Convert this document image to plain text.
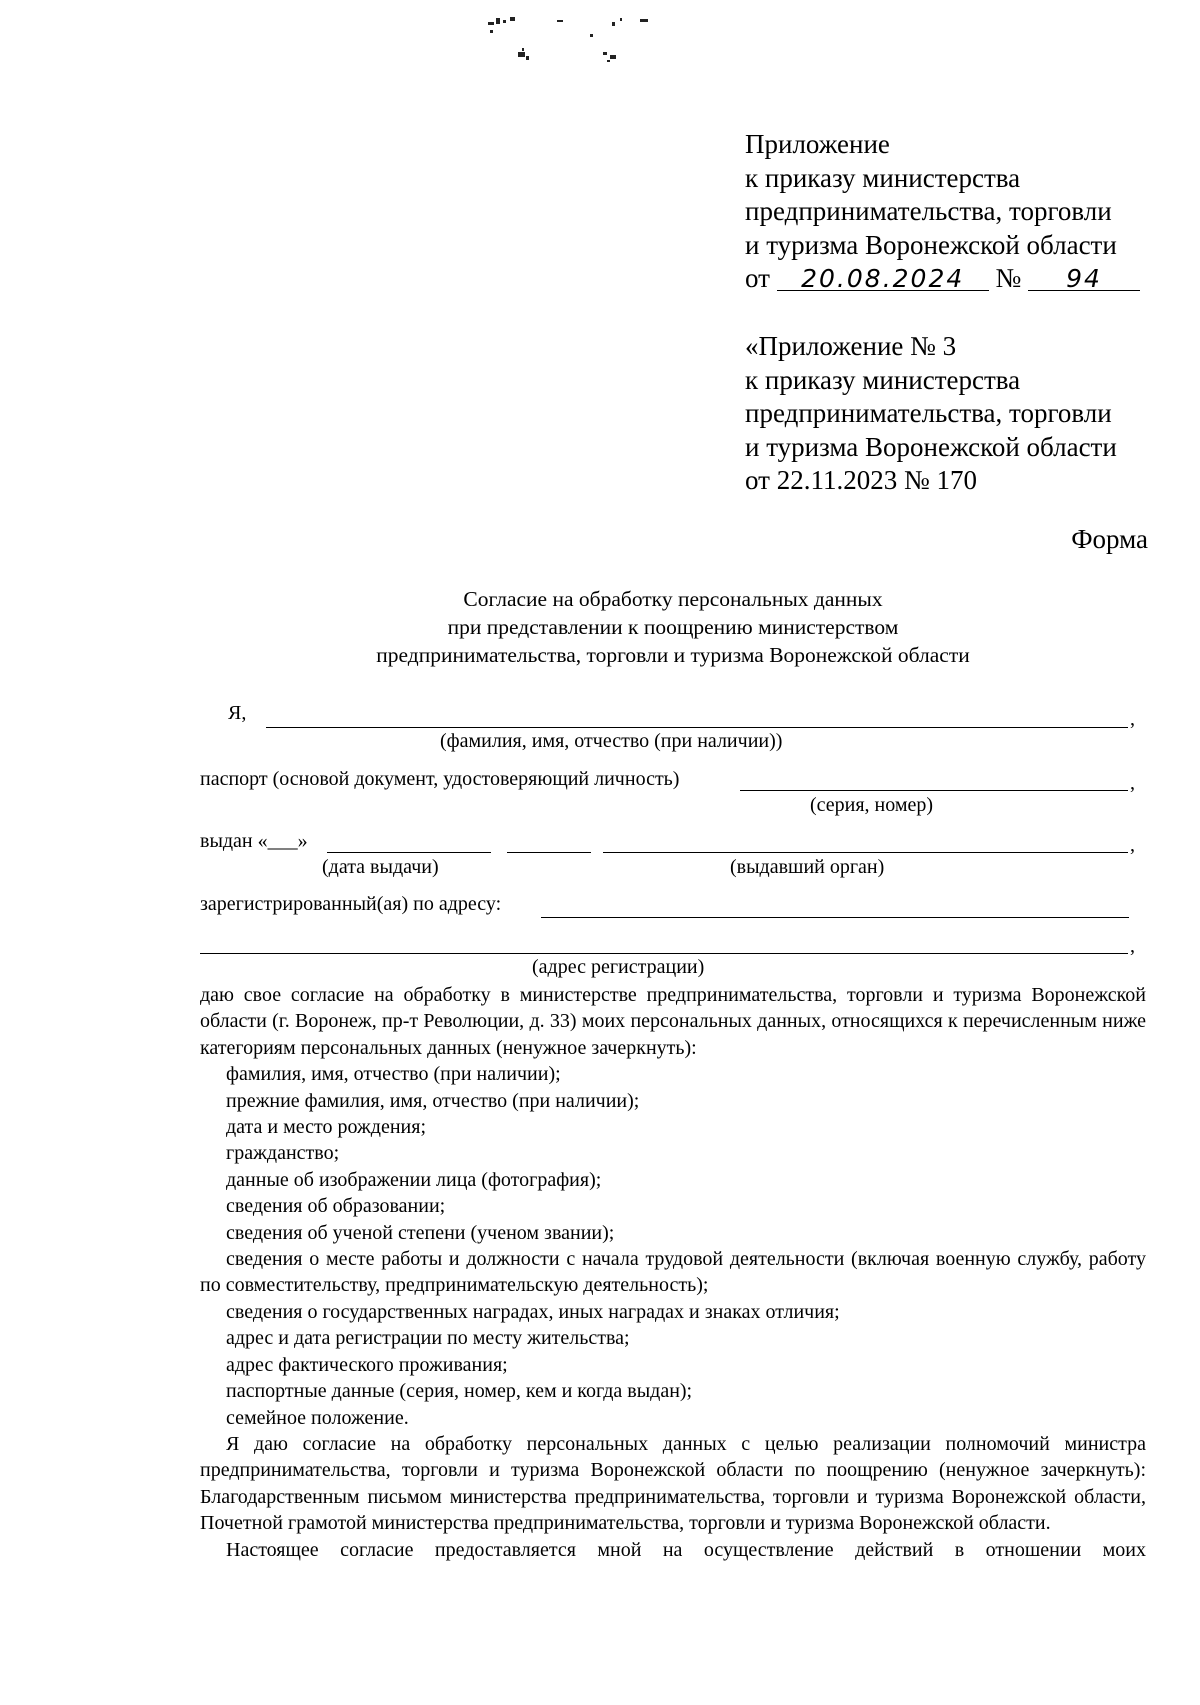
Приложение
к приказу министерства
предпринимательства, торговли
и туризма Воронежской области
от 20.08.2024 № 94
«Приложение № 3
к приказу министерства
предпринимательства, торговли
и туризма Воронежской области
от 22.11.2023 № 170
Форма
Согласие на обработку персональных данных
при представлении к поощрению министерством
предпринимательства, торговли и туризма Воронежской области
Я,	,
(фамилия, имя, отчество (при наличии))
паспорт (основой документ, удостоверяющий личность)	,
(серия, номер)
выдан «___»	,
(дата выдачи)	(выдавший орган)
зарегистрированный(ая) по адресу:
,
(адрес регистрации)

даю свое согласие на обработку в министерстве предпринимательства, торговли и туризма Воронежской области (г. Воронеж, пр-т Революции, д. 33) моих персональных данных, относящихся к перечисленным ниже категориям персональных данных (ненужное зачеркнуть):

фамилия, имя, отчество (при наличии);

прежние фамилия, имя, отчество (при наличии);

дата и место рождения;

гражданство;

данные об изображении лица (фотография);

сведения об образовании;

сведения об ученой степени (ученом звании);

сведения о месте работы и должности с начала трудовой деятельности (включая военную службу, работу по совместительству, предпринимательскую деятельность);

сведения о государственных наградах, иных наградах и знаках отличия;

адрес и дата регистрации по месту жительства;

адрес фактического проживания;

паспортные данные (серия, номер, кем и когда выдан);

семейное положение.

Я даю согласие на обработку персональных данных с целью реализации полномочий министра предпринимательства, торговли и туризма Воронежской области по поощрению (ненужное зачеркнуть): Благодарственным письмом министерства предпринимательства, торговли и туризма Воронежской области, Почетной грамотой министерства предпринимательства, торговли и туризма Воронежской области.

Настоящее согласие предоставляется мной на осуществление действий в отношении моих
